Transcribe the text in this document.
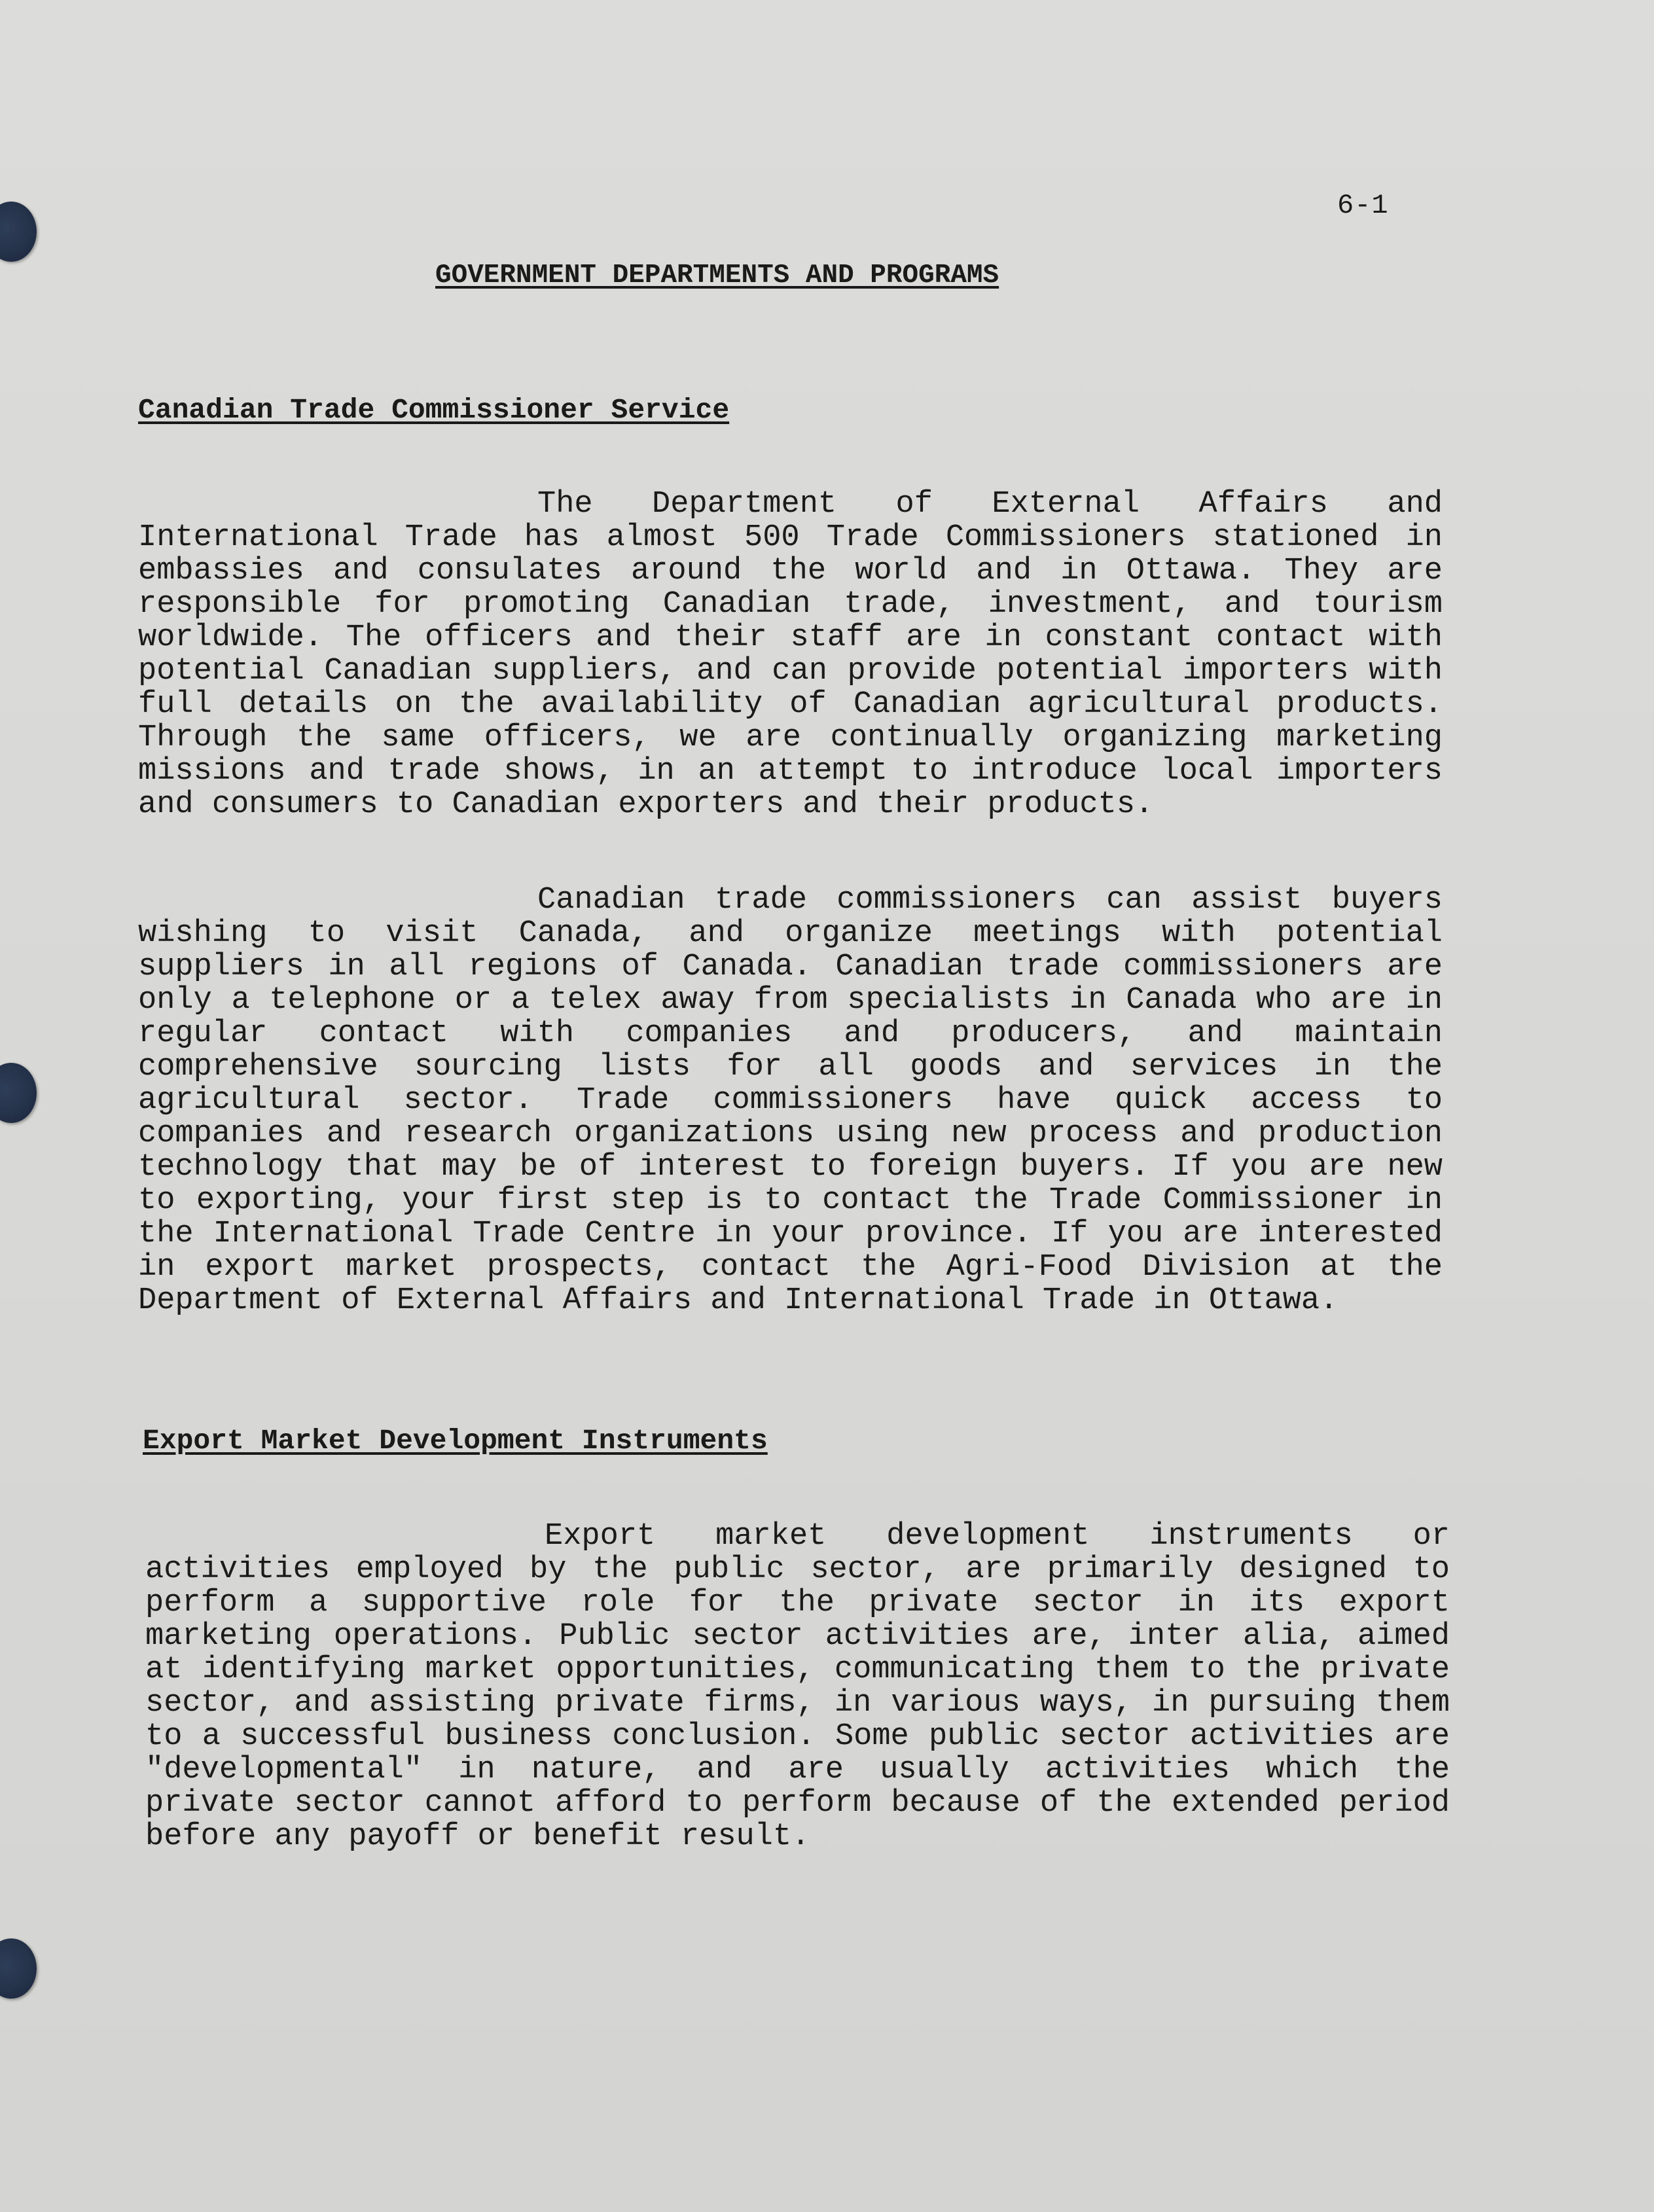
6-1
GOVERNMENT DEPARTMENTS AND PROGRAMS
Canadian Trade Commissioner Service

The Department of External Affairs and International Trade has almost 500 Trade Commissioners stationed in embassies and consulates around the world and in Ottawa. They are responsible for promoting Canadian trade, investment, and tourism worldwide. The officers and their staff are in constant contact with potential Canadian suppliers, and can provide potential importers with full details on the availability of Canadian agricultural products. Through the same officers, we are continually organizing marketing missions and trade shows, in an attempt to introduce local importers and consumers to Canadian exporters and their products.

Canadian trade commissioners can assist buyers wishing to visit Canada, and organize meetings with potential suppliers in all regions of Canada. Canadian trade commissioners are only a telephone or a telex away from specialists in Canada who are in regular contact with companies and producers, and maintain comprehensive sourcing lists for all goods and services in the agricultural sector. Trade commissioners have quick access to companies and research organizations using new process and production technology that may be of interest to foreign buyers. If you are new to exporting, your first step is to contact the Trade Commissioner in the International Trade Centre in your province. If you are interested in export market prospects, contact the Agri-Food Division at the Department of External Affairs and International Trade in Ottawa.

Export Market Development Instruments

Export market development instruments or activities employed by the public sector, are primarily designed to perform a supportive role for the private sector in its export marketing operations. Public sector activities are, inter alia, aimed at identifying market opportunities, communicating them to the private sector, and assisting private firms, in various ways, in pursuing them to a successful business conclusion. Some public sector activities are "developmental" in nature, and are usually activities which the private sector cannot afford to perform because of the extended period before any payoff or benefit result.
